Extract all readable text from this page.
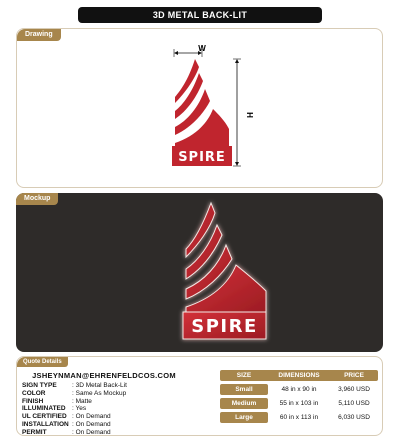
3D METAL BACK-LIT
Drawing
W
H
SPIRE
Mockup
SPIRE
Quote Details
JSHEYNMAN@EHRENFELDCOS.COM
SIGN TYPE	: 3D Metal Back-Lit
COLOR	: Same As Mockup
FINISH	: Matte
ILLUMINATED : Yes
UL CERTIFIED : On Demand
INSTALLATION : On Demand
PERMIT	: On Demand
SIZE	DIMENSIONS	PRICE
Small	48 in x 90 in	3,960 USD
Medium	55 in x 103 in	5,110 USD
Large	60 in x 113 in	6,030 USD
